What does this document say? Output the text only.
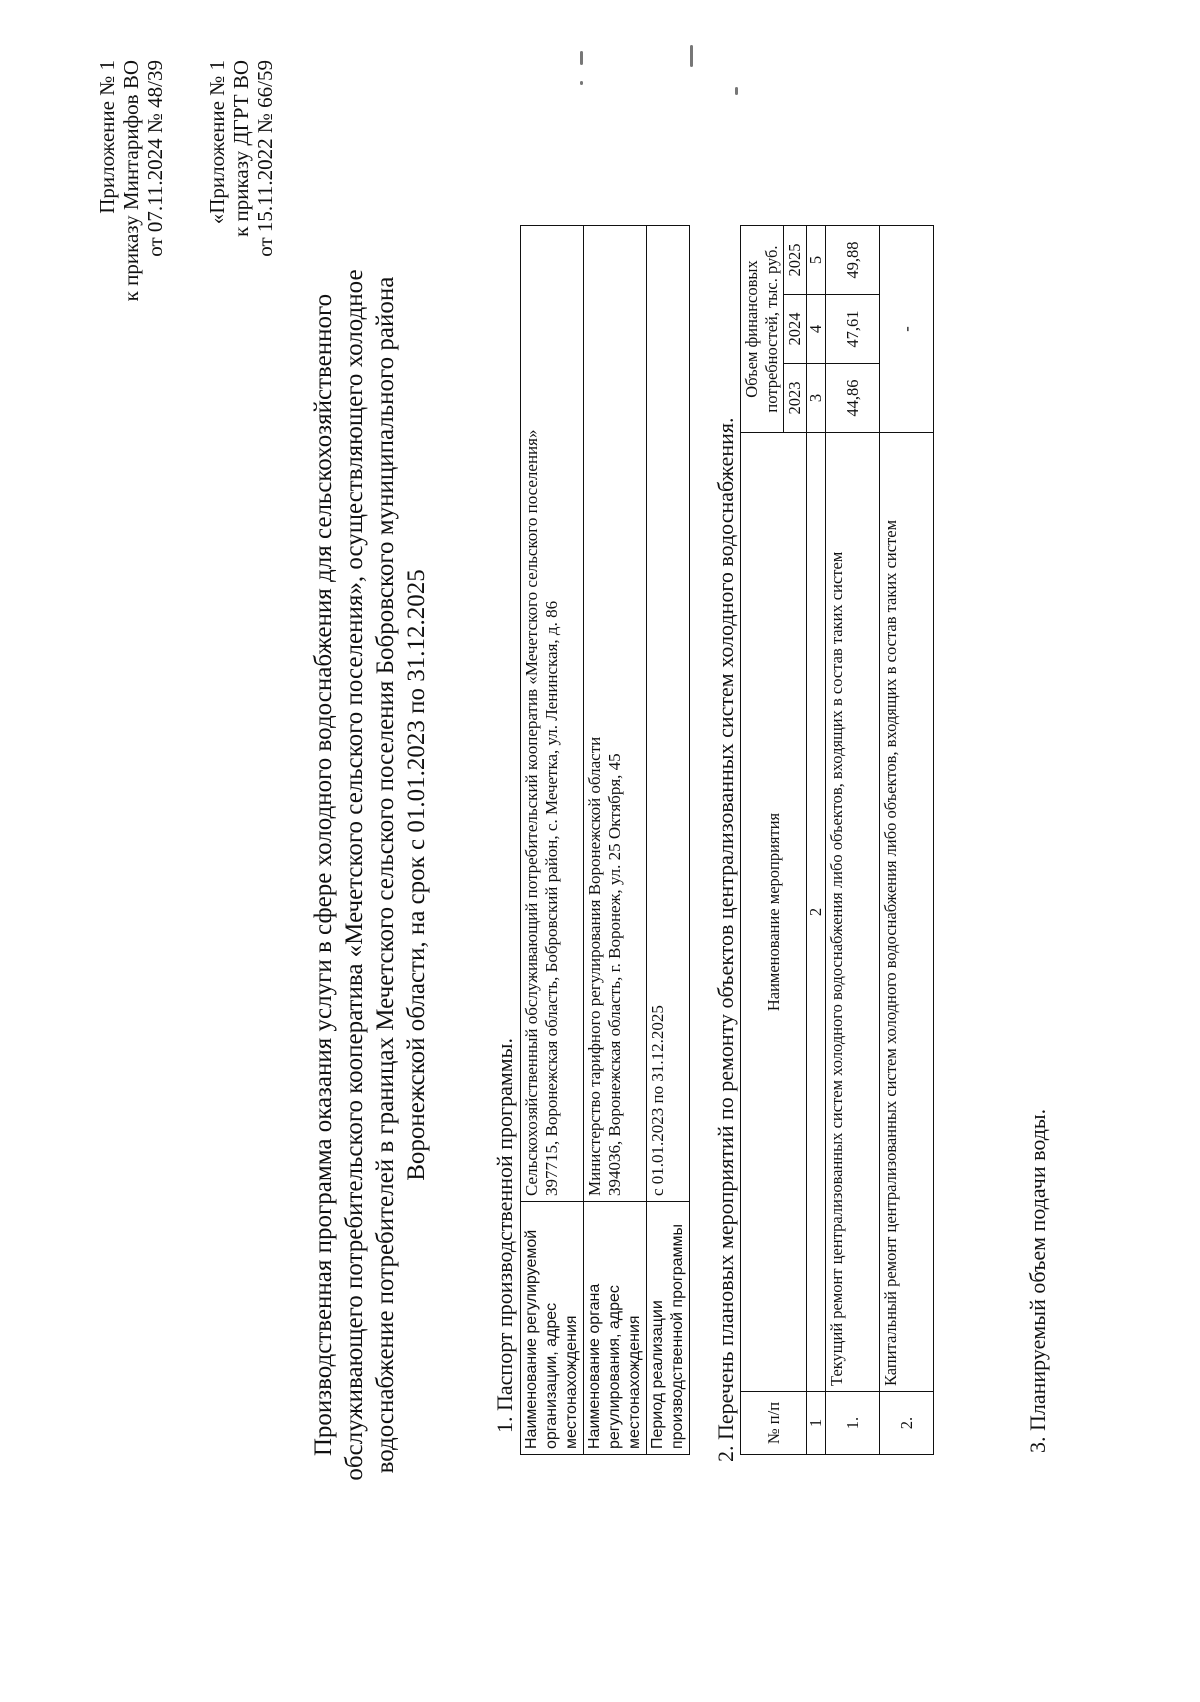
Приложение № 1 к приказу Минтарифов ВО от 07.11.2024 № 48/39 «Приложение № 1 к приказу ДГРТ ВО от 15.11.2022 № 66/59
Производственная программа оказания услуги в сфере холодного водоснабжения для сельскохозяйственного обслуживающего потребительского кооператива «Мечетского сельского поселения», осуществляющего холодное водоснабжение потребителей в границах Мечетского сельского поселения Бобровского муниципального района Воронежской области, на срок с 01.01.2023 по 31.12.2025
1. Паспорт производственной программы. Наименование регулируемой организации, адрес местонахождения	Сельскохозяйственный обслуживающий потребительский кооператив «Мечетского сельского поселения» 397715, Воронежская область, Бобровский район, с. Мечетка, ул. Ленинская, д. 86

Наименование органа регулирования, адрес местонахождения	Министерство тарифного регулирования Воронежской области 394036, Воронежская область, г. Воронеж, ул. 25 Октября, 45

Период реализации производственной программы	с 01.01.2023 по 31.12.2025 2. Перечень плановых мероприятий по ремонту объектов централизованных систем холодного водоснабжения. № п/п	Наименование мероприятия	Объем финансовых потребностей, тыс. руб.		
		2023	2024	2025
1	2	3	4	5
1.	Текущий ремонт централизованных систем холодного водоснабжения либо объектов, входящих в состав таких систем	44,86	47,61	49,88
2.	Капитальный ремонт централизованных систем холодного водоснабжения либо объектов, входящих в состав таких систем	-		
3. Планируемый объем подачи воды.
